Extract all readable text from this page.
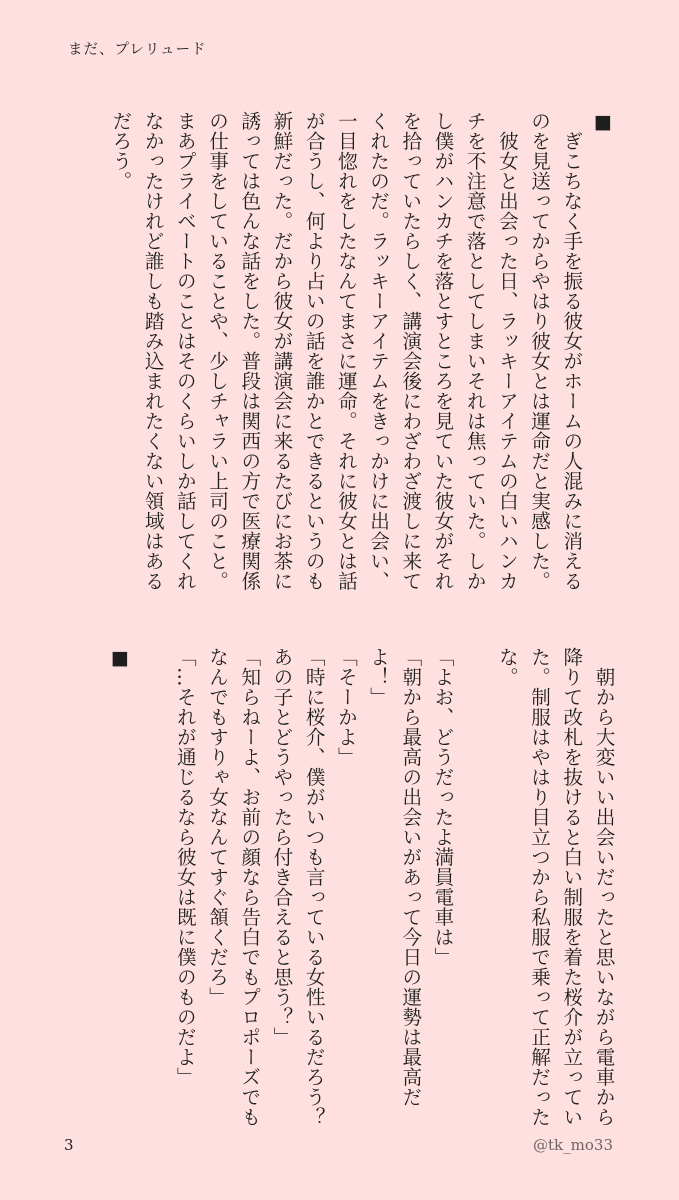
まだ、プレリュード
■
　ぎこちなく手を振る彼女がホームの人混みに消える
のを見送ってからやはり彼女とは運命だと実感した。
　彼女と出会った日、ラッキーアイテムの白いハンカ
チを不注意で落としてしまいそれは焦っていた。しか
し僕がハンカチを落とすところを見ていた彼女がそれ
を拾っていたらしく、講演会後にわざわざ渡しに来て
くれたのだ。ラッキーアイテムをきっかけに出会い、
一目惚れをしたなんてまさに運命。それに彼女とは話
が合うし、何より占いの話を誰かとできるというのも
新鮮だった。だから彼女が講演会に来るたびにお茶に
誘っては色んな話をした。普段は関西の方で医療関係
の仕事をしていることや、少しチャラい上司のこと。
まあプライベートのことはそのくらいしか話してくれ
なかったけれど誰しも踏み込まれたくない領域はある
だろう。
　朝から大変いい出会いだったと思いながら電車から
降りて改札を抜けると白い制服を着た桜介が立ってい
た。制服はやはり目立つから私服で乗って正解だった
な。

「よお、どうだったよ満員電車は」
「朝から最高の出会いがあって今日の運勢は最高だ
よ！」
「そーかよ」
「時に桜介、僕がいつも言っている女性いるだろう？
あの子とどうやったら付き合えると思う？」
「知らねーよ、お前の顔なら告白でもプロポーズでも
なんでもすりゃ女なんてすぐ頷くだろ」
「…それが通じるなら彼女は既に僕のものだよ」

■
3	@tk_mo33
